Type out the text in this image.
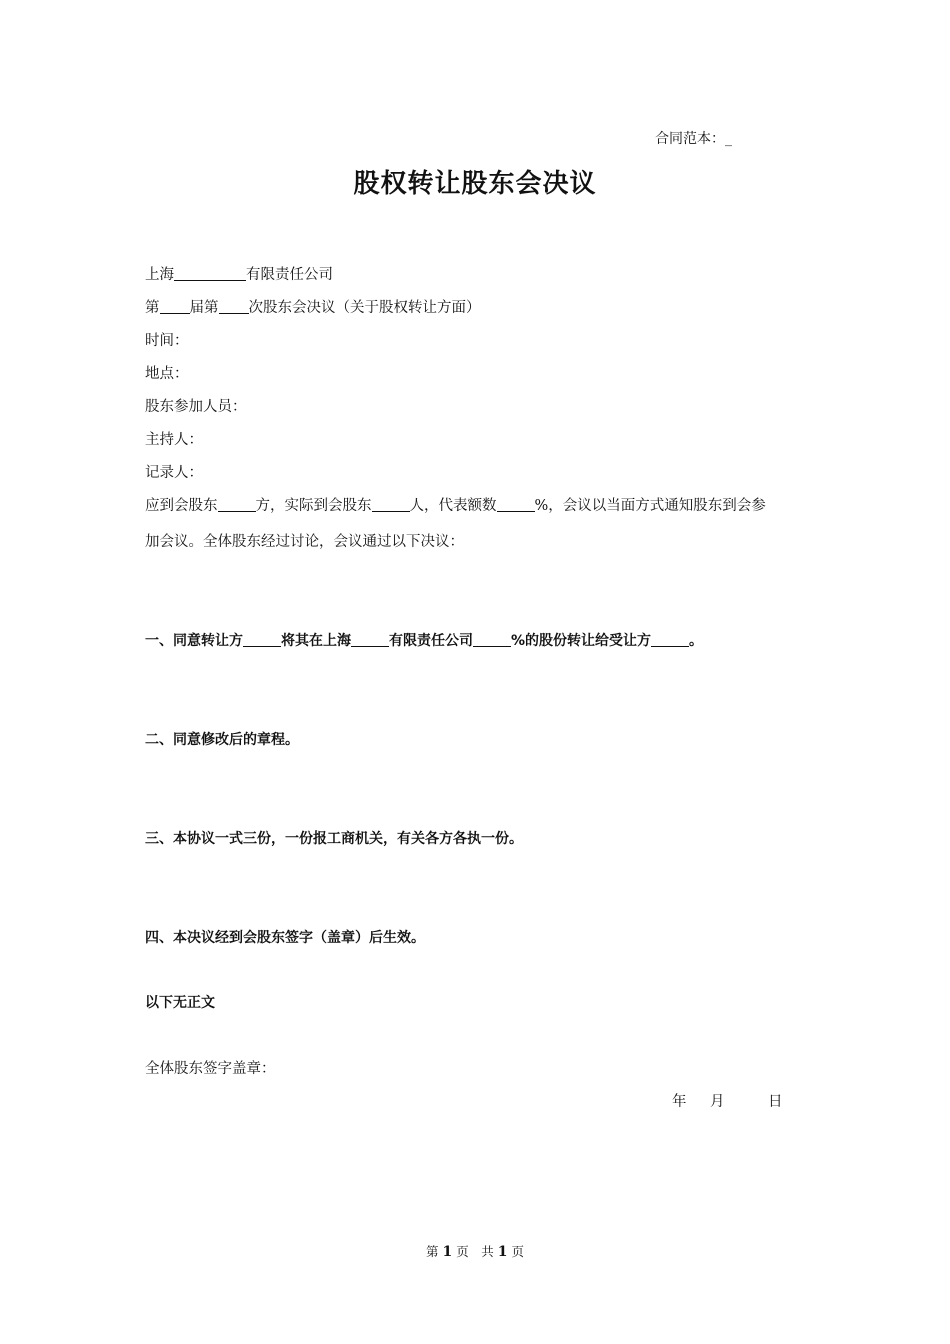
合同范本：_
股权转让股东会决议
上海	有限责任公司
第 届第 次股东会决议（关于股权转让方面）
时间：
地点：
股东参加人员：
主持人：
记录人：
应到会股东	方，实际到会股东	人，代表额数	%，会议以当面方式通知股东到会参
加会议。全体股东经过讨论，会议通过以下决议：
一、同意转让方	将其在上海	有限责任公司	%的股份转让给受让方	。
二、同意修改后的章程。
三、本协议一式三份，一份报工商机关，有关各方各执一份。
四、本决议经到会股东签字（盖章）后生效。
以下无正文
全体股东签字盖章：
年 月	日
第 1 页　共 1 页
